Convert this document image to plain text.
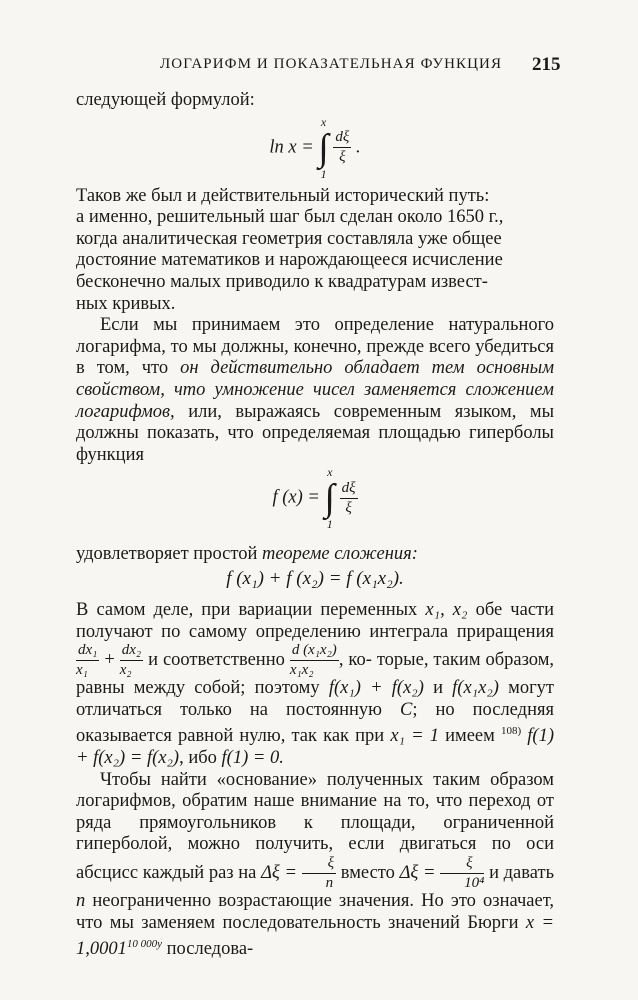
ЛОГАРИФМ И ПОКАЗАТЕЛЬНАЯ ФУНКЦИЯ 215

следующей формулой:

ln x =
x
∫
1

$\frac{d\xi}{\xi}$ .

Таков же был и действительный исторический путь:
а именно, решительный шаг был сделан около 1650 г.,
когда аналитическая геометрия составляла уже общее
достояние математиков и нарождающееся исчисление
бесконечно малых приводило к квадратурам извест-
ных кривых.

Если мы принимаем это определение натурального логарифма, то мы должны, конечно, прежде всего убедиться в том, что он действительно обладает тем основным свойством, что умножение чисел заменяется сложением логарифмов, или, выражаясь современным языком, мы должны показать, что определяемая площадью гиперболы функция

f (x) =
x
∫
1

$\frac{d\xi}{\xi}$

удовлетворяет простой теореме сложения:

f (x₁) + f (x₂) = f (x₁x₂).

В самом деле, при вариации переменных x₁, x₂ обе части получают по самому определению интеграла приращения
$\frac{\text{dx₁}}{\text{x₁}} + \frac{\text{dx₂}}{\text{x₂}}$ и соответственно $\frac{\text{d (x₁x₂)}}{\text{x₁x₂}}$ , ко- торые, таким образом, равны между собой; поэтому f(x₁) + f(x₂) и f(x₁x₂) могут отличаться только на постоянную C; но последняя оказывается равной нулю, так как при x₁ = 1 имеем $^{108)}$ f(1) + f(x₂) = f(x₂), ибо f(1) = 0.

Чтобы найти «основание» полученных таким образом логарифмов, обратим наше внимание на то, что переход от ряда прямоугольников к площади, ограниченной гиперболой, можно получить, если двигаться по оси абсцисс каждый раз на $\Delta\xi = \frac{\xi}{n}$ вместо $\Delta\xi = \frac{\xi}{\text{10⁴}}$ и давать n неограниченно возрастающие значения. Но это означает, что мы заменяем последовательность значений Бюрги $x = 1,0001^{10 000y}$ последова-
